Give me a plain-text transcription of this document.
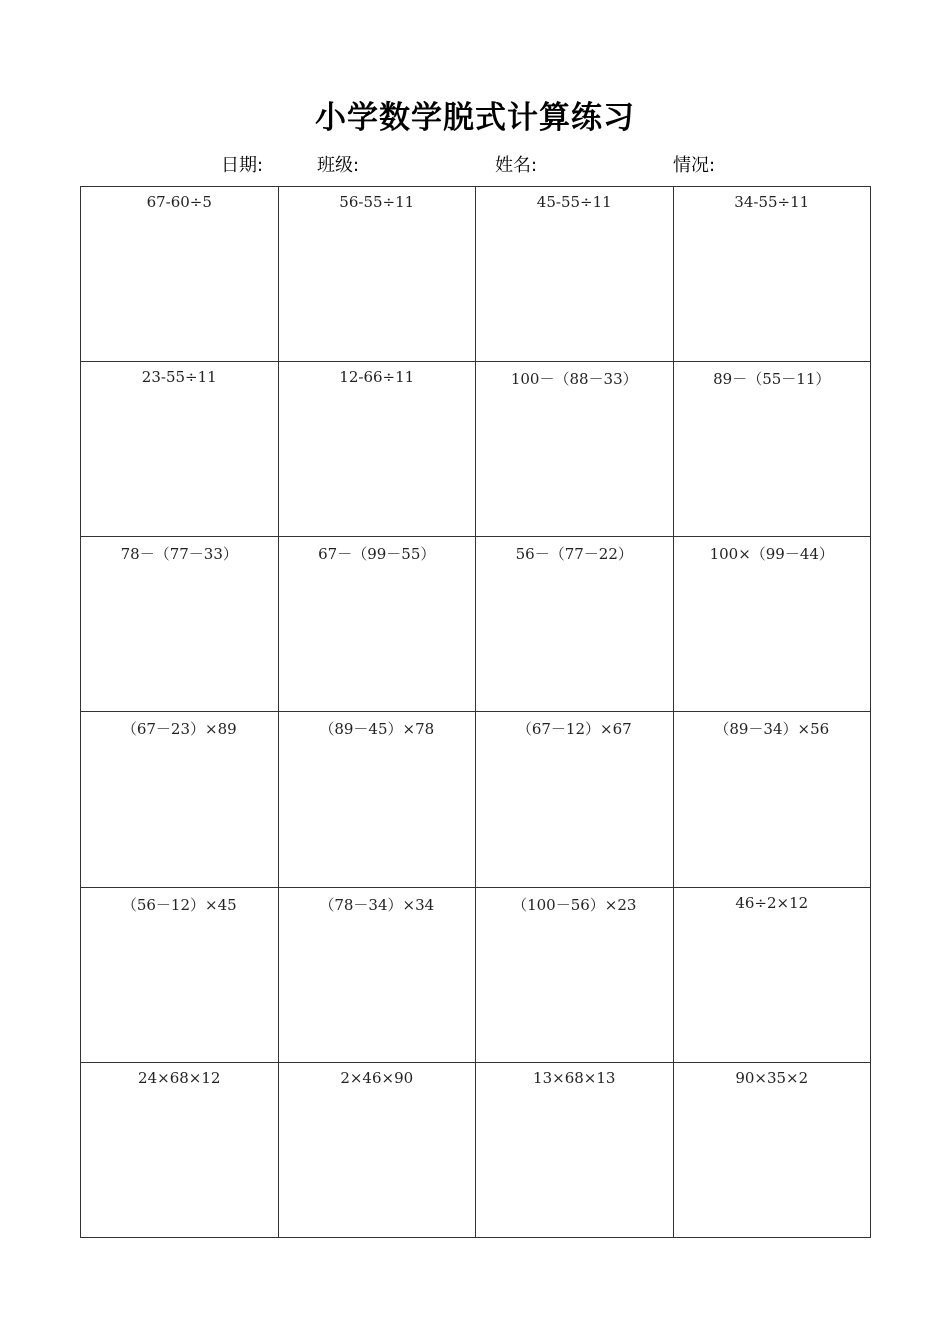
小学数学脱式计算练习
日期:	班级:	姓名:	情况:
67-60÷5	56-55÷11	45-55÷11	34-55÷11
23-55÷11	12-66÷11	100－（88－33）	89－（55－11）
78－（77－33）	67－（99－55）	56－（77－22）	100×（99－44）
（67－23）×89	（89－45）×78	（67－12）×67	（89－34）×56
（56－12）×45	（78－34）×34	（100－56）×23	46÷2×12
24×68×12	2×46×90	13×68×13	90×35×2
